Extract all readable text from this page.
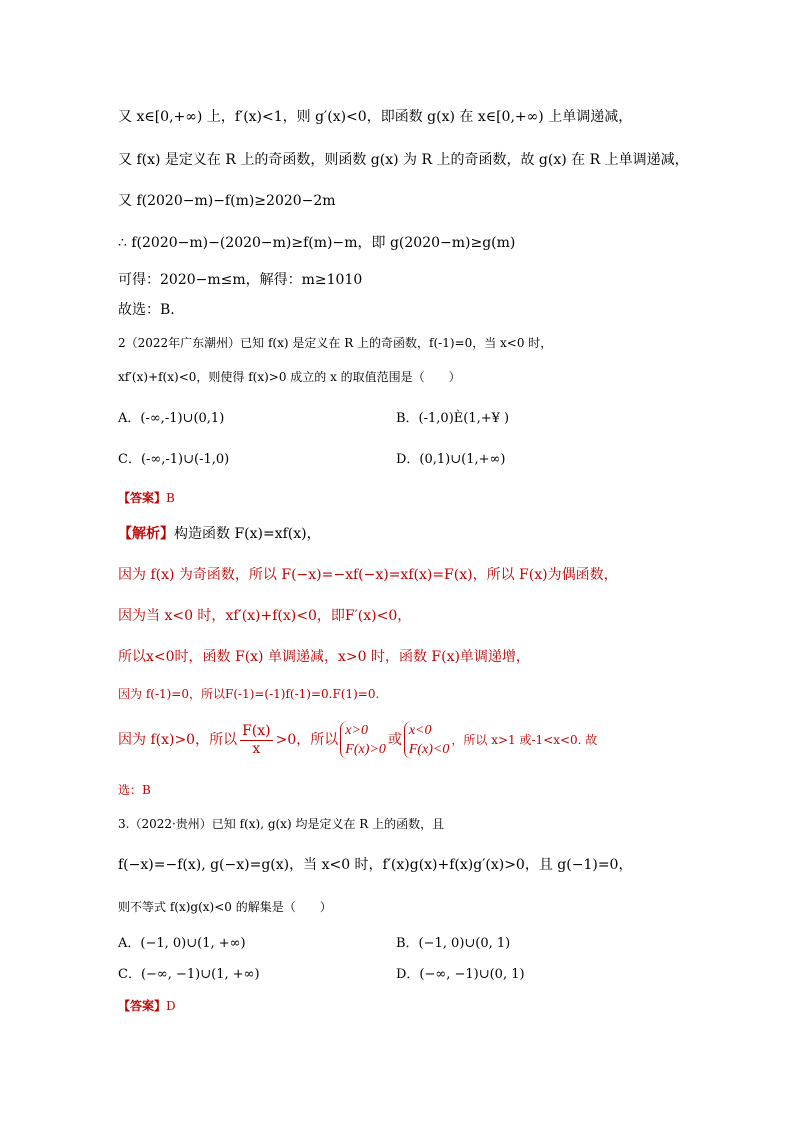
又 x∈[0,+∞) 上，f′(x)<1，则 g′(x)<0，即函数 g(x) 在 x∈[0,+∞) 上单调递减，
又 f(x) 是定义在 R 上的奇函数，则函数 g(x) 为 R 上的奇函数，故 g(x) 在 R 上单调递减，
又 f(2020−m)−f(m)≥2020−2m
∴ f(2020−m)−(2020−m)≥f(m)−m，即 g(2020−m)≥g(m)
可得：2020−m≤m，解得：m≥1010
故选：B.
2（2022年广东潮州）已知 f(x) 是定义在 R 上的奇函数，f(-1)=0，当 x<0 时，
xf′(x)+f(x)<0，则使得 f(x)>0 成立的 x 的取值范围是（　　）
A．(-∞,-1)∪(0,1)	B．(-1,0)È(1,+¥ )
C．(-∞,-1)∪(-1,0)	D．(0,1)∪(1,+∞)
【答案】B
【解析】构造函数 F(x)=xf(x)，
因为 f(x) 为奇函数，所以 F(−x)=−xf(−x)=xf(x)=F(x)，所以 F(x)为偶函数，
因为当 x<0 时，xf′(x)+f(x)<0，即F′(x)<0，
所以x<0时，函数 F(x) 单调递减，x>0 时，函数 F(x)单调递增，
因为 f(-1)=0，所以F(-1)=(-1)f(-1)=0.F(1)=0.
因为 f(x)>0，所以 $\frac{F(x)}{x} >0$，所以
x>0
F(x)>0
或
x<0
F(x)<0
，所以 x>1 或-1<x<0. 故
选：B
3.（2022·贵州）已知 f(x), g(x) 均是定义在 R 上的函数，且
f(−x)=−f(x), g(−x)=g(x)，当 x<0 时，f′(x)g(x)+f(x)g′(x)>0，且 g(−1)=0，
则不等式 f(x)g(x)<0 的解集是（　　）
A．(−1, 0)∪(1, +∞)	B．(−1, 0)∪(0, 1)
C．(−∞, −1)∪(1, +∞)	D．(−∞, −1)∪(0, 1)
【答案】D
